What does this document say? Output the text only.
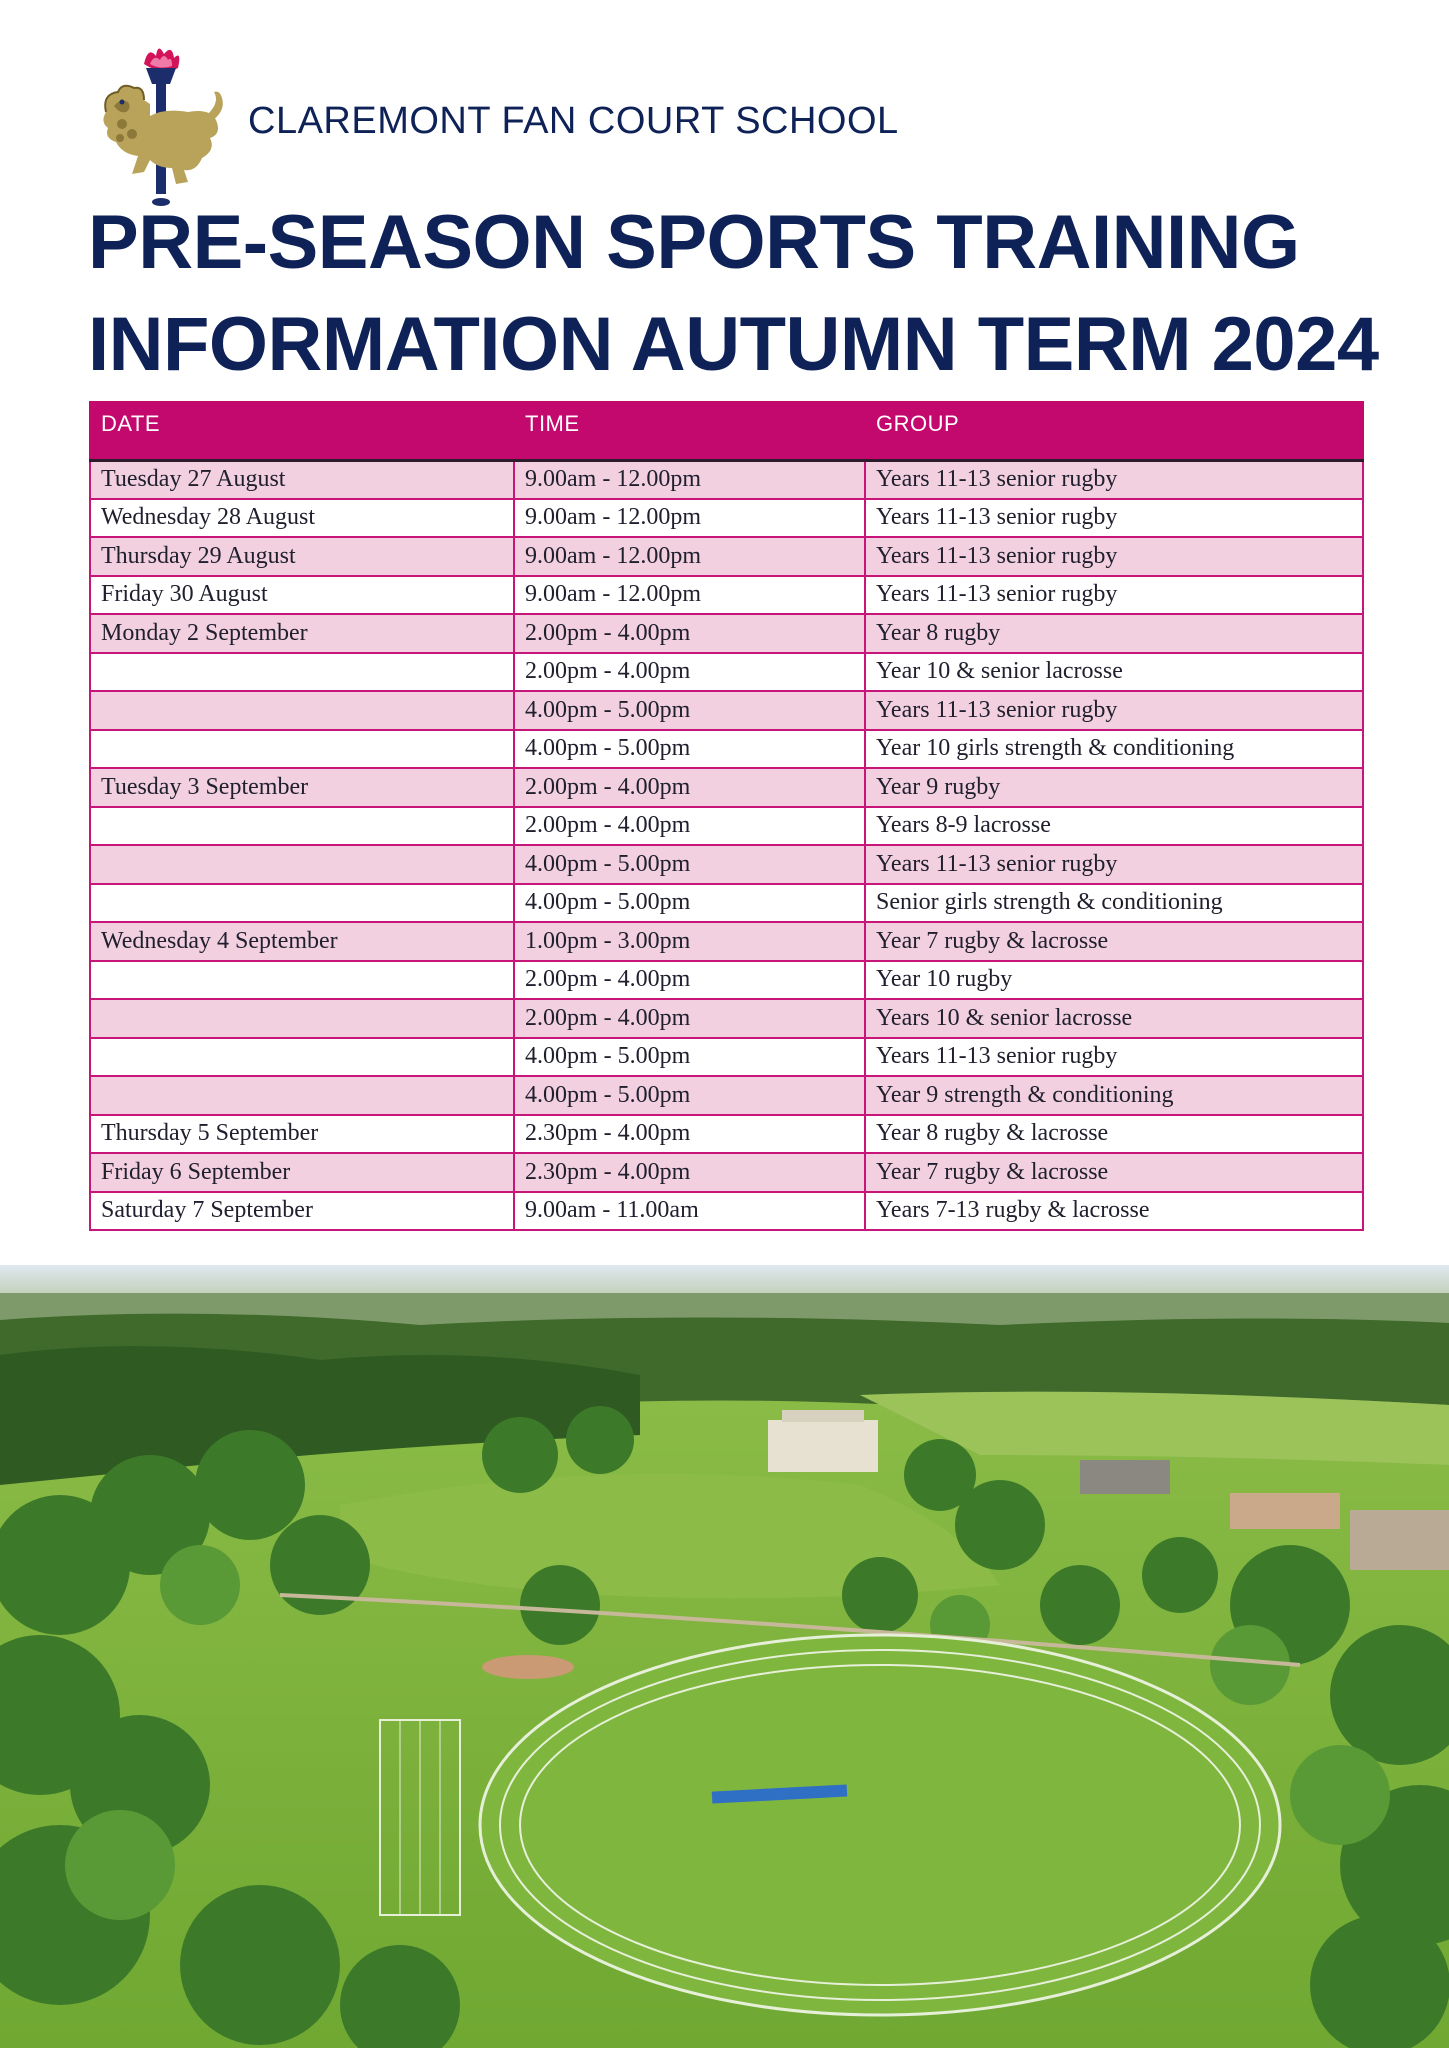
CLAREMONT FAN COURT SCHOOL
PRE-SEASON SPORTS TRAINING
INFORMATION AUTUMN TERM 2024
DATE	TIME	GROUP
Tuesday 27 August	9.00am - 12.00pm	Years 11-13 senior rugby
Wednesday 28 August	9.00am - 12.00pm	Years 11-13 senior rugby
Thursday 29 August	9.00am - 12.00pm	Years 11-13 senior rugby
Friday 30 August	9.00am - 12.00pm	Years 11-13 senior rugby
Monday 2 September	2.00pm - 4.00pm	Year 8 rugby
	2.00pm - 4.00pm	Year 10 & senior lacrosse
	4.00pm - 5.00pm	Years 11-13 senior rugby
	4.00pm - 5.00pm	Year 10 girls strength & conditioning
Tuesday 3 September	2.00pm - 4.00pm	Year 9 rugby
	2.00pm - 4.00pm	Years 8-9 lacrosse
	4.00pm - 5.00pm	Years 11-13 senior rugby
	4.00pm - 5.00pm	Senior girls strength & conditioning
Wednesday 4 September	1.00pm - 3.00pm	Year 7 rugby & lacrosse
	2.00pm - 4.00pm	Year 10 rugby
	2.00pm - 4.00pm	Years 10 & senior lacrosse
	4.00pm - 5.00pm	Years 11-13 senior rugby
	4.00pm - 5.00pm	Year 9 strength & conditioning
Thursday 5 September	2.30pm - 4.00pm	Year 8 rugby & lacrosse
Friday 6 September	2.30pm - 4.00pm	Year 7 rugby & lacrosse
Saturday 7 September	9.00am - 11.00am	Years 7-13 rugby & lacrosse
